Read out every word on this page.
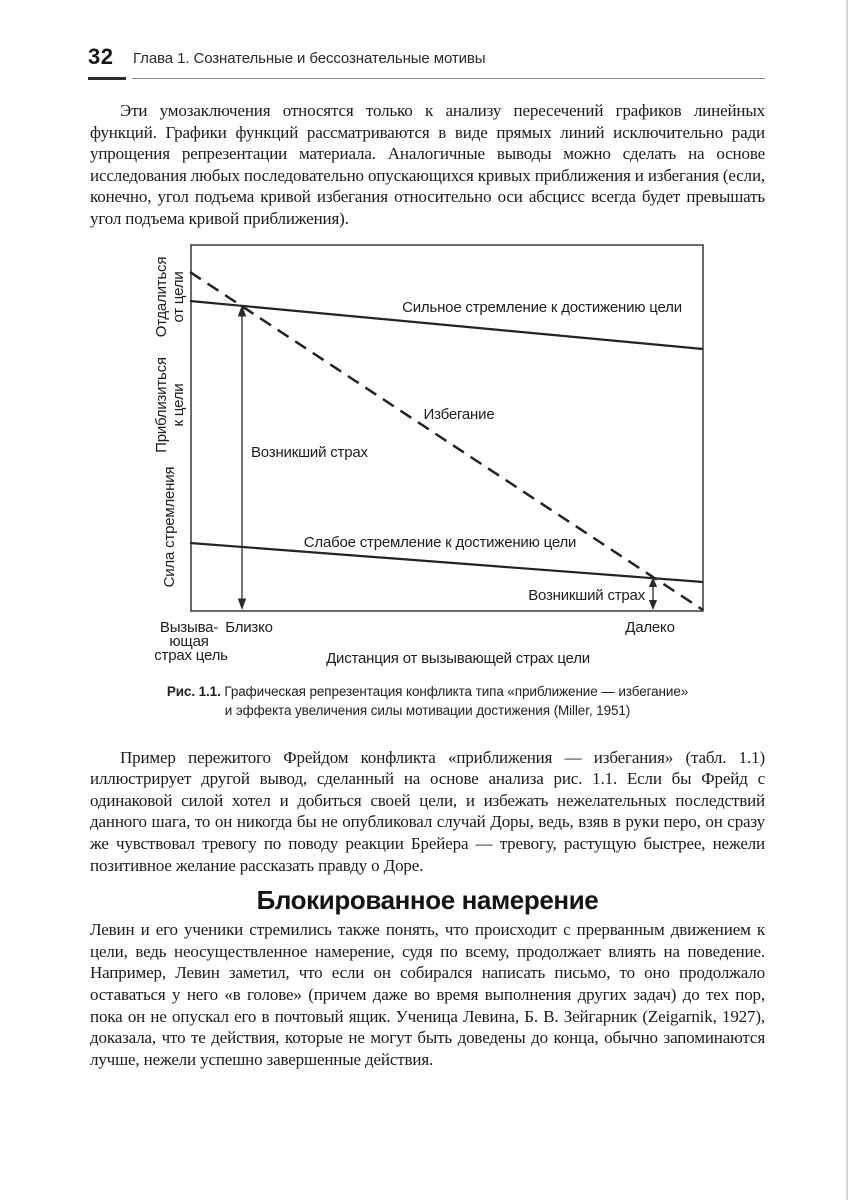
32 Глава 1. Сознательные и бессознательные мотивы

Эти умозаключения относятся только к анализу пересечений графиков линейных функций. Графики функций рассматриваются в виде прямых линий исключительно ради упрощения репрезентации материала. Аналогичные выводы можно сделать на основе исследования любых последовательно опускающихся кривых приближения и избегания (если, конечно, угол подъема кривой избегания относительно оси абсцисс всегда будет превышать угол подъема кривой приближения).

Отдалиться от цели
Приблизиться к цели
Сила стремления
Сильное стремление к достижению цели
Избегание
Возникший страх
Слабое стремление к достижению цели
Возникший страх
Вызыва- ющая страх цель
Близко	Далеко
Дистанция от вызывающей страх цели
Рис. 1.1. Графическая репрезентация конфликта типа «приближение — избегание»
и эффекта увеличения силы мотивации достижения (Miller, 1951)

Пример пережитого Фрейдом конфликта «приближения — избегания» (табл. 1.1) иллюстрирует другой вывод, сделанный на основе анализа рис. 1.1. Если бы Фрейд с одинаковой силой хотел и добиться своей цели, и избежать нежелательных последствий данного шага, то он никогда бы не опубликовал случай Доры, ведь, взяв в руки перо, он сразу же чувствовал тревогу по поводу реакции Брейера — тревогу, растущую быстрее, нежели позитивное желание рассказать правду о Доре.

Блокированное намерение

Левин и его ученики стремились также понять, что происходит с прерванным движением к цели, ведь неосуществленное намерение, судя по всему, продолжает влиять на поведение. Например, Левин заметил, что если он собирался написать письмо, то оно продолжало оставаться у него «в голове» (причем даже во время выполнения других задач) до тех пор, пока он не опускал его в почтовый ящик. Ученица Левина, Б. В. Зейгарник (Zeigarnik, 1927), доказала, что те действия, которые не могут быть доведены до конца, обычно запоминаются лучше, нежели успешно завершенные действия.
